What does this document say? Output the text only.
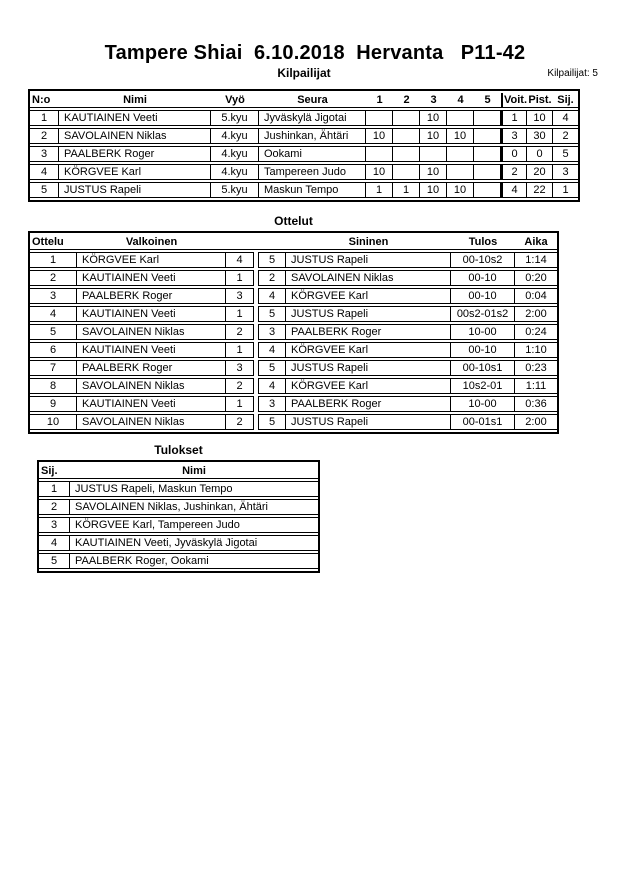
Tampere Shiai  6.10.2018  Hervanta   P11-42
Kilpailijat	Kilpailijat: 5
N:o	Nimi	Vyö	Seura	1	2	3	4	5	Voit.	Pist.	Sij.
1	KAUTIAINEN Veeti	5.kyu	Jyväskylä Jigotai			10			1	10	4
2	SAVOLAINEN Niklas	4.kyu	Jushinkan, Ähtäri	10		10	10		3	30	2
3	PAALBERK Roger	4.kyu	Ookami						0	0	5
4	KÖRGVEE Karl	4.kyu	Tampereen Judo	10		10			2	20	3
5	JUSTUS Rapeli	5.kyu	Maskun Tempo	1	1	10	10		4	22	1
Ottelut
Ottelu	Valkoinen				Sininen	Tulos	Aika
1	KÖRGVEE Karl	4		5	JUSTUS Rapeli	00-10s2	1:14
2	KAUTIAINEN Veeti	1		2	SAVOLAINEN Niklas	00-10	0:20
3	PAALBERK Roger	3		4	KÖRGVEE Karl	00-10	0:04
4	KAUTIAINEN Veeti	1		5	JUSTUS Rapeli	00s2-01s2	2:00
5	SAVOLAINEN Niklas	2		3	PAALBERK Roger	10-00	0:24
6	KAUTIAINEN Veeti	1		4	KÖRGVEE Karl	00-10	1:10
7	PAALBERK Roger	3		5	JUSTUS Rapeli	00-10s1	0:23
8	SAVOLAINEN Niklas	2		4	KÖRGVEE Karl	10s2-01	1:11
9	KAUTIAINEN Veeti	1		3	PAALBERK Roger	10-00	0:36
10	SAVOLAINEN Niklas	2		5	JUSTUS Rapeli	00-01s1	2:00
Tulokset
Sij.	Nimi
1	JUSTUS Rapeli, Maskun Tempo
2	SAVOLAINEN Niklas, Jushinkan, Ähtäri
3	KÖRGVEE Karl, Tampereen Judo
4	KAUTIAINEN Veeti, Jyväskylä Jigotai
5	PAALBERK Roger, Ookami
